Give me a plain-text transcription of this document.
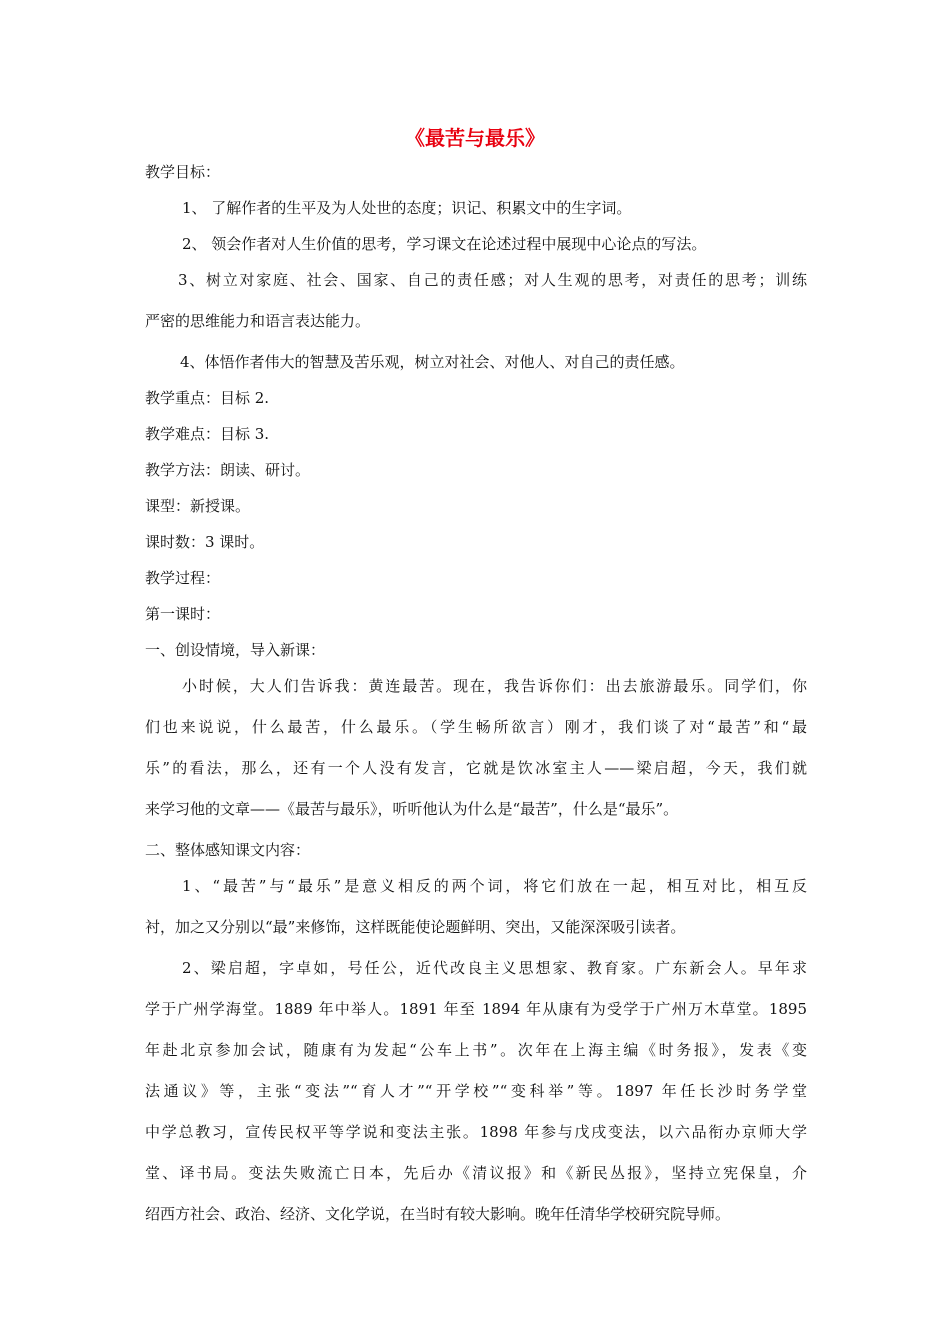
《最苦与最乐》
教学目标：
1、 了解作者的生平及为人处世的态度；识记、积累文中的生字词。
2、 领会作者对人生价值的思考，学习课文在论述过程中展现中心论点的写法。
3、树立对家庭、社会、国家、自己的责任感；对人生观的思考，对责任的思考；训练
严密的思维能力和语言表达能力。
4、体悟作者伟大的智慧及苦乐观，树立对社会、对他人、对自己的责任感。
教学重点：目标 2.
教学难点：目标 3.
教学方法：朗读、研讨。
课型：新授课。
课时数：3 课时。
教学过程：
第一课时：
一、创设情境，导入新课：
小时候，大人们告诉我：黄连最苦。现在，我告诉你们：出去旅游最乐。同学们，你
们也来说说，什么最苦，什么最乐。（学生畅所欲言）刚才，我们谈了对“最苦”和“最
乐”的看法，那么，还有一个人没有发言，它就是饮冰室主人——梁启超，今天，我们就
来学习他的文章——《最苦与最乐》，听听他认为什么是“最苦”，什么是“最乐”。
二、整体感知课文内容：
1、“最苦”与“最乐”是意义相反的两个词，将它们放在一起，相互对比，相互反
衬，加之又分别以“最”来修饰，这样既能使论题鲜明、突出，又能深深吸引读者。
2、梁启超，字卓如，号任公，近代改良主义思想家、教育家。广东新会人。早年求
学于广州学海堂。1889 年中举人。1891 年至 1894 年从康有为受学于广州万木草堂。1895
年赴北京参加会试，随康有为发起“公车上书”。次年在上海主编《时务报》，发表《变
法通议》等，主张“变法”“育人才”“开学校”“变科举”等。1897 年任长沙时务学堂
中学总教习，宣传民权平等学说和变法主张。1898 年参与戊戌变法，以六品衔办京师大学
堂、译书局。变法失败流亡日本，先后办《清议报》和《新民丛报》，坚持立宪保皇，介
绍西方社会、政治、经济、文化学说，在当时有较大影响。晚年任清华学校研究院导师。
